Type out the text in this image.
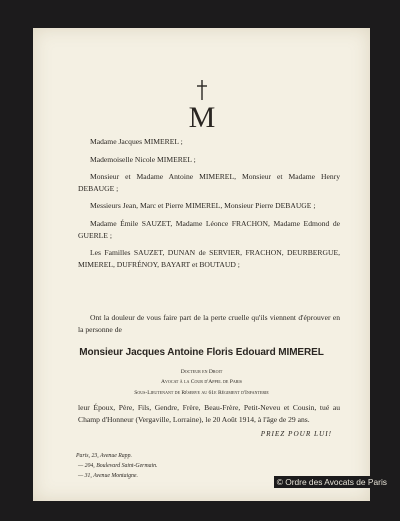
M

Madame Jacques MIMEREL ;

Mademoiselle Nicole MIMEREL ;

Monsieur et Madame Antoine MIMEREL, Monsieur et Madame Henry DEBAUGE ;

Messieurs Jean, Marc et Pierre MIMEREL, Monsieur Pierre DEBAUGE ;

Madame Émile SAUZET, Madame Léonce FRACHON, Madame Edmond de GUERLE ;

Les Familles SAUZET, DUNAN de SERVIER, FRACHON, DEURBERGUE, MIMEREL, DUFRÉNOY, BAYART et BOUTAUD ;

Ont la douleur de vous faire part de la perte cruelle qu'ils viennent d'éprouver en la personne de
Monsieur Jacques Antoine Floris Edouard MIMEREL
Docteur en Droit
Avocat à la Cour d'Appel de Paris
Sous-Lieutenant de Réserve au 61e Régiment d'Infanterie
leur Époux, Père, Fils, Gendre, Frère, Beau-Frère, Petit-Neveu et Cousin, tué au Champ d'Honneur (Vergaville, Lorraine), le 20 Août 1914, à l'âge de 29 ans.
PRIEZ POUR LUI!
Paris, 23, Avenue Rapp.
— 204, Boulevard Saint-Germain.
— 31, Avenue Montaigne.
© Ordre des Avocats de Paris
